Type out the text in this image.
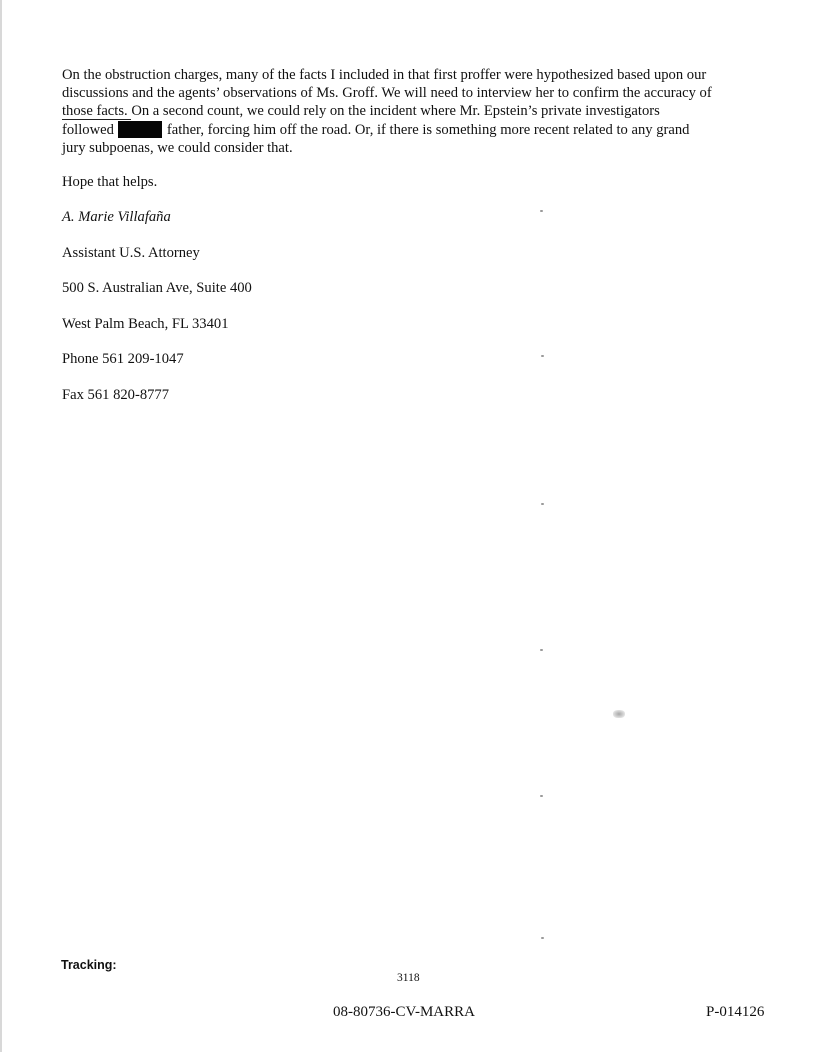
On the obstruction charges, many of the facts I included in that first proffer were hypothesized based upon our
discussions and the agents’ observations of Ms. Groff. We will need to interview her to confirm the accuracy of
those facts. On a second count, we could rely on the incident where Mr. Epstein’s private investigators
followed	father, forcing him off the road. Or, if there is something more recent related to any grand
jury subpoenas, we could consider that.
Hope that helps.
A. Marie Villafaña
Assistant U.S. Attorney
500 S. Australian Ave, Suite 400
West Palm Beach, FL 33401
Phone 561 209-1047
Fax 561 820-8777
Tracking:
3118
08-80736-CV-MARRA	P-014126
